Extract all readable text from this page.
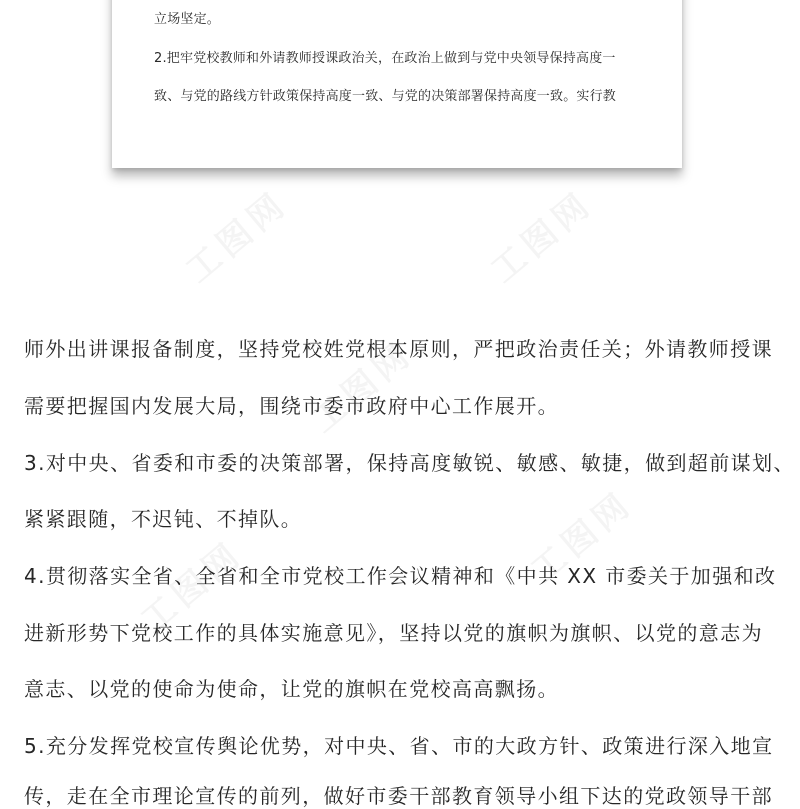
立场坚定。
2.把牢党校教师和外请教师授课政治关，在政治上做到与党中央领导保持高度一
致、与党的路线方针政策保持高度一致、与党的决策部署保持高度一致。实行教
师外出讲课报备制度，坚持党校姓党根本原则，严把政治责任关；外请教师授课
需要把握国内发展大局，围绕市委市政府中心工作展开。
3.对中央、省委和市委的决策部署，保持高度敏锐、敏感、敏捷，做到超前谋划、
紧紧跟随，不迟钝、不掉队。
4.贯彻落实全省、全省和全市党校工作会议精神和《中共 XX 市委关于加强和改
进新形势下党校工作的具体实施意见》，坚持以党的旗帜为旗帜、以党的意志为
意志、以党的使命为使命，让党的旗帜在党校高高飘扬。
5.充分发挥党校宣传舆论优势，对中央、省、市的大政方针、政策进行深入地宣
传，走在全市理论宣传的前列，做好市委干部教育领导小组下达的党政领导干部
